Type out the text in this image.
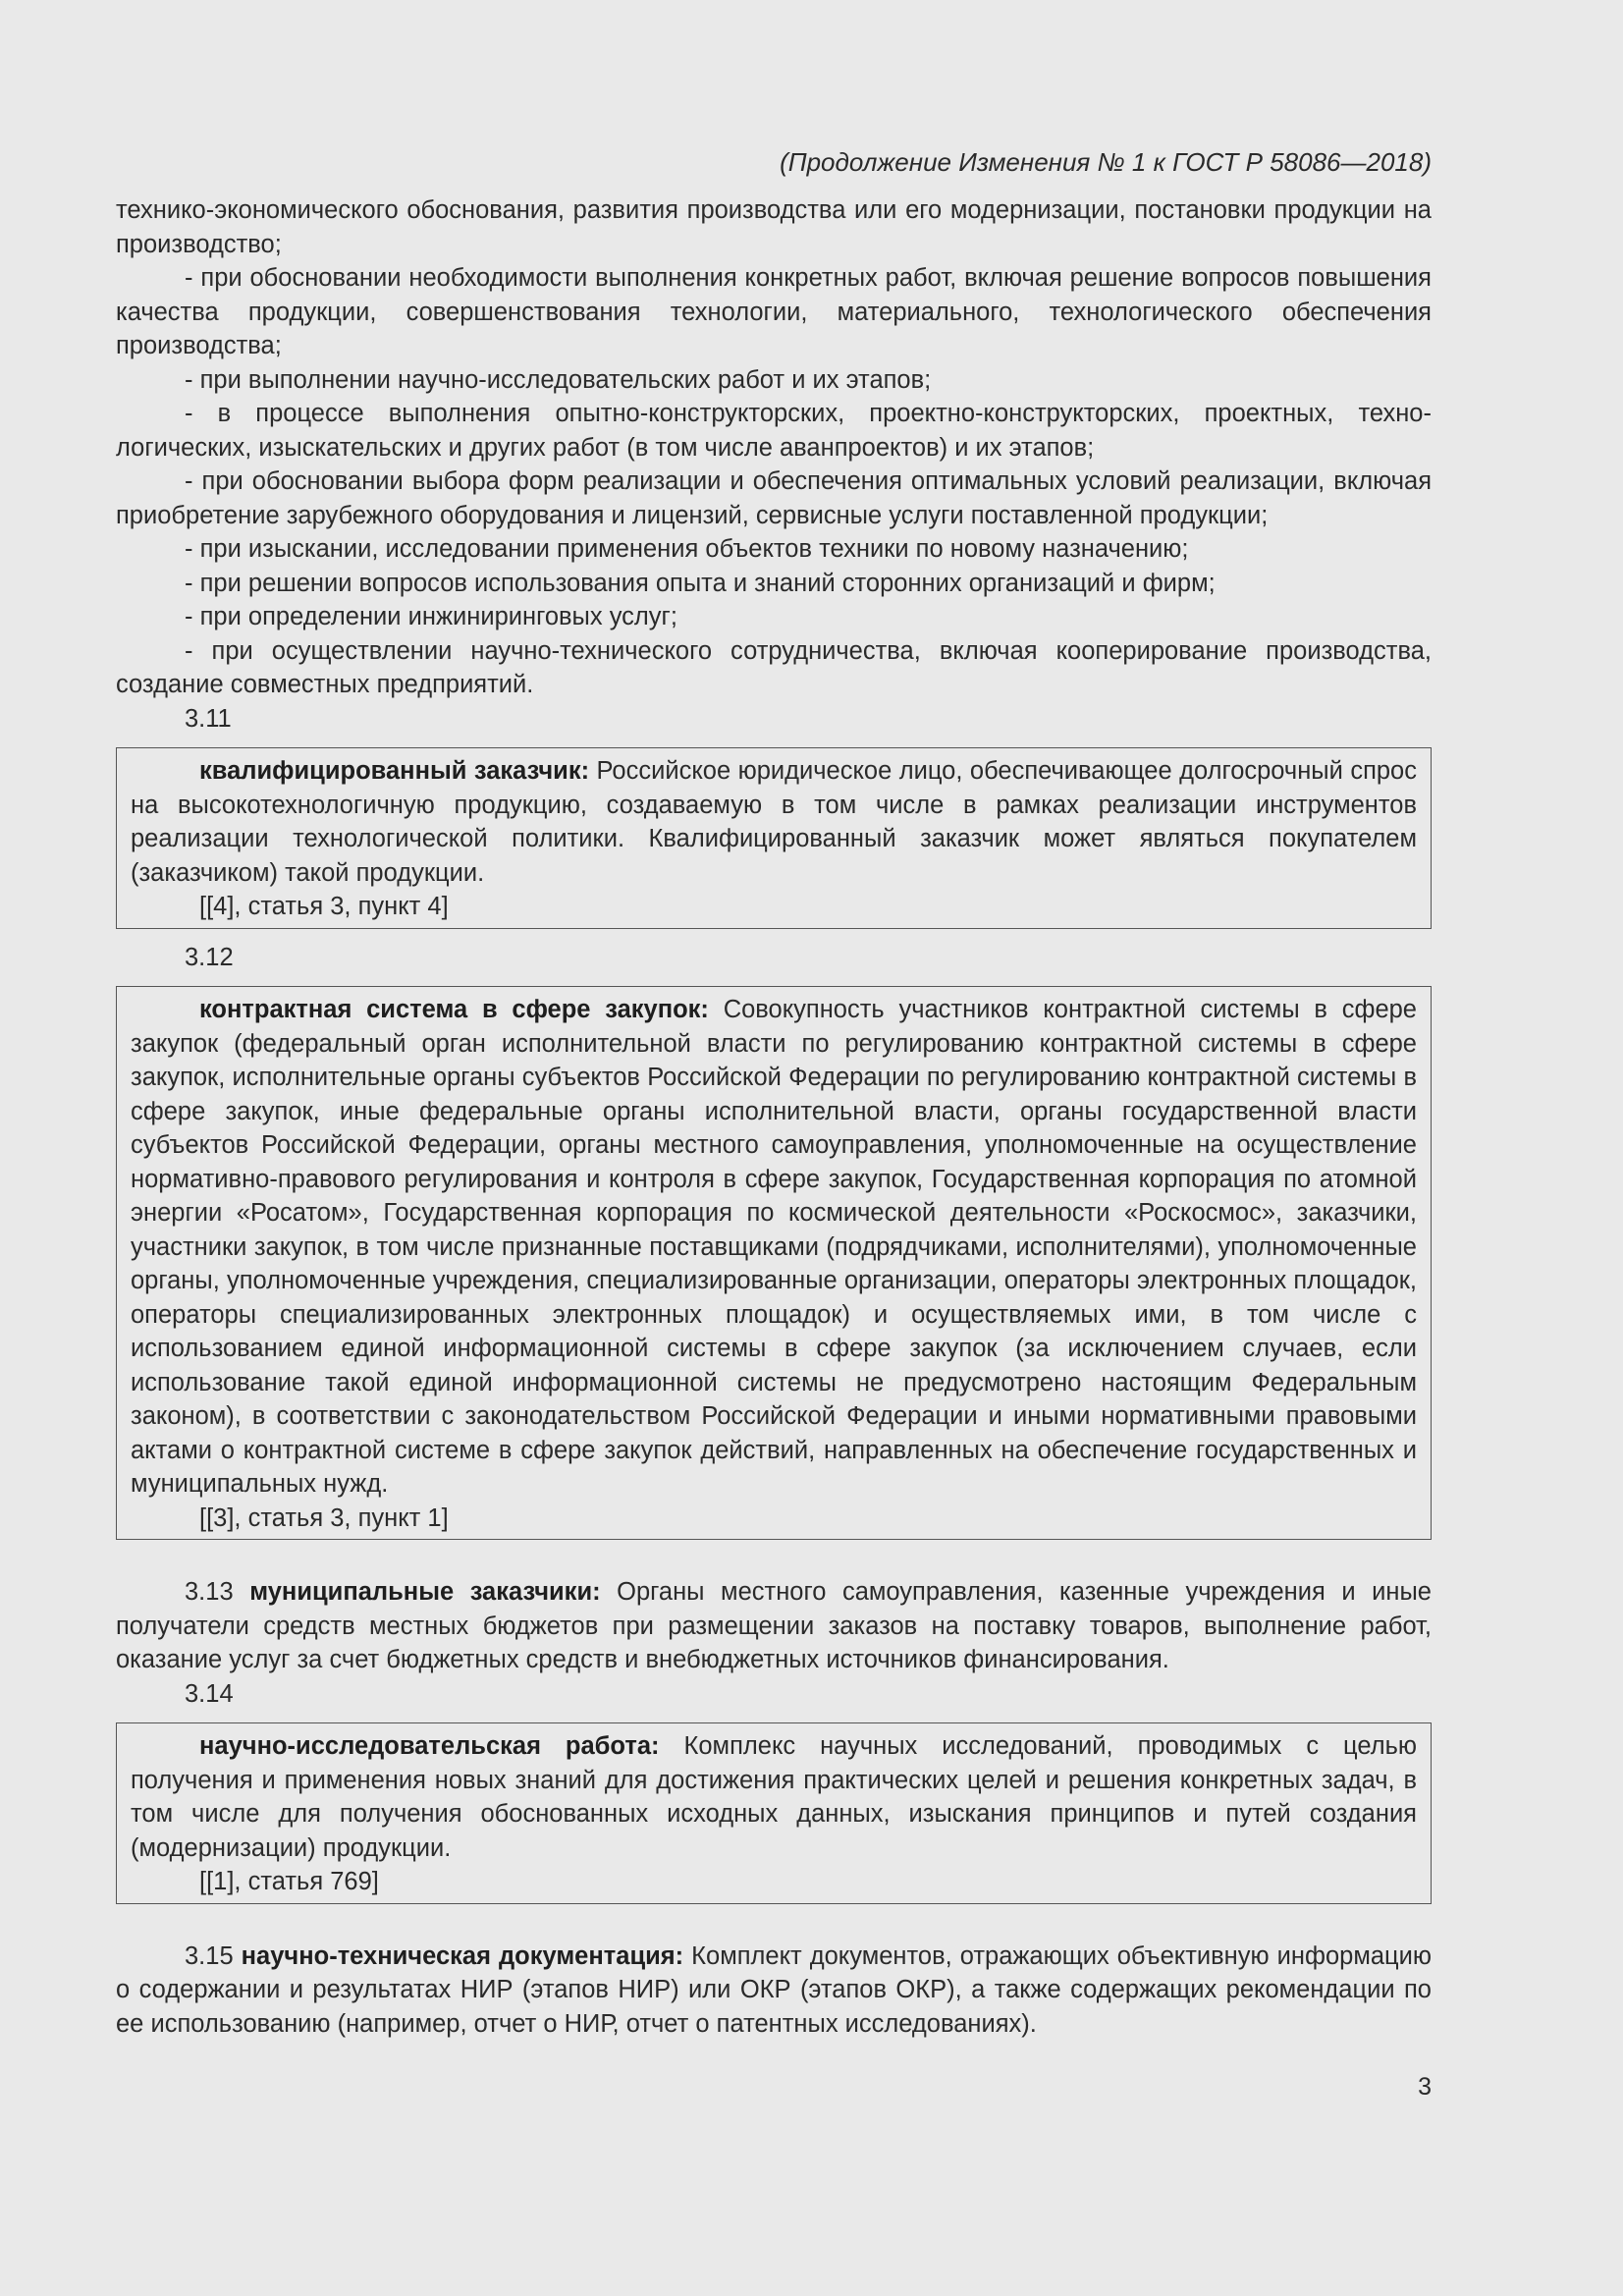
(Продолжение Изменения № 1 к ГОСТ Р 58086—2018)

технико-экономического обоснования, развития производства или его модернизации, постановки продукции на производство;

- при обосновании необходимости выполнения конкретных работ, включая решение вопросов повышения качества продукции, совершенствования технологии, материального, технологического обеспечения производства;

- при выполнении научно-исследовательских работ и их этапов;

- в процессе выполнения опытно-конструкторских, проектно-конструкторских, проектных, технологических, изыскательских и других работ (в том числе аванпроектов) и их этапов;

- при обосновании выбора форм реализации и обеспечения оптимальных условий реализации, включая приобретение зарубежного оборудования и лицензий, сервисные услуги поставленной продукции;

- при изыскании, исследовании применения объектов техники по новому назначению;

- при решении вопросов использования опыта и знаний сторонних организаций и фирм;

- при определении инжиниринговых услуг;

- при осуществлении научно-технического сотрудничества, включая кооперирование производства, создание совместных предприятий.

3.11

квалифицированный заказчик: Российское юридическое лицо, обеспечивающее долгосрочный спрос на высокотехнологичную продукцию, создаваемую в том числе в рамках реализации инструментов реализации технологической политики. Квалифицированный заказчик может являться покупателем (заказчиком) такой продукции.

[[4], статья 3, пункт 4]

3.12

контрактная система в сфере закупок: Совокупность участников контрактной системы в сфере закупок (федеральный орган исполнительной власти по регулированию контрактной системы в сфере закупок, исполнительные органы субъектов Российской Федерации по регулированию контрактной системы в сфере закупок, иные федеральные органы исполнительной власти, органы государственной власти субъектов Российской Федерации, органы местного самоуправления, уполномоченные на осуществление нормативно-правового регулирования и контроля в сфере закупок, Государственная корпорация по атомной энергии «Росатом», Государственная корпорация по космической деятельности «Роскосмос», заказчики, участники закупок, в том числе признанные поставщиками (подрядчиками, исполнителями), уполномоченные органы, уполномоченные учреждения, специализированные организации, операторы электронных площадок, операторы специализированных электронных площадок) и осуществляемых ими, в том числе с использованием единой информационной системы в сфере закупок (за исключением случаев, если использование такой единой информационной системы не предусмотрено настоящим Федеральным законом), в соответствии с законодательством Российской Федерации и иными нормативными правовыми актами о контрактной системе в сфере закупок действий, направленных на обеспечение государственных и муниципальных нужд.

[[3], статья 3, пункт 1]

3.13 муниципальные заказчики: Органы местного самоуправления, казенные учреждения и иные получатели средств местных бюджетов при размещении заказов на поставку товаров, выполнение работ, оказание услуг за счет бюджетных средств и внебюджетных источников финансирования.

3.14

научно-исследовательская работа: Комплекс научных исследований, проводимых с целью получения и применения новых знаний для достижения практических целей и решения конкретных задач, в том числе для получения обоснованных исходных данных, изыскания принципов и путей создания (модернизации) продукции.

[[1], статья 769]

3.15 научно-техническая документация: Комплект документов, отражающих объективную информацию о содержании и результатах НИР (этапов НИР) или ОКР (этапов ОКР), а также содержащих рекомендации по ее использованию (например, отчет о НИР, отчет о патентных исследованиях).

3
